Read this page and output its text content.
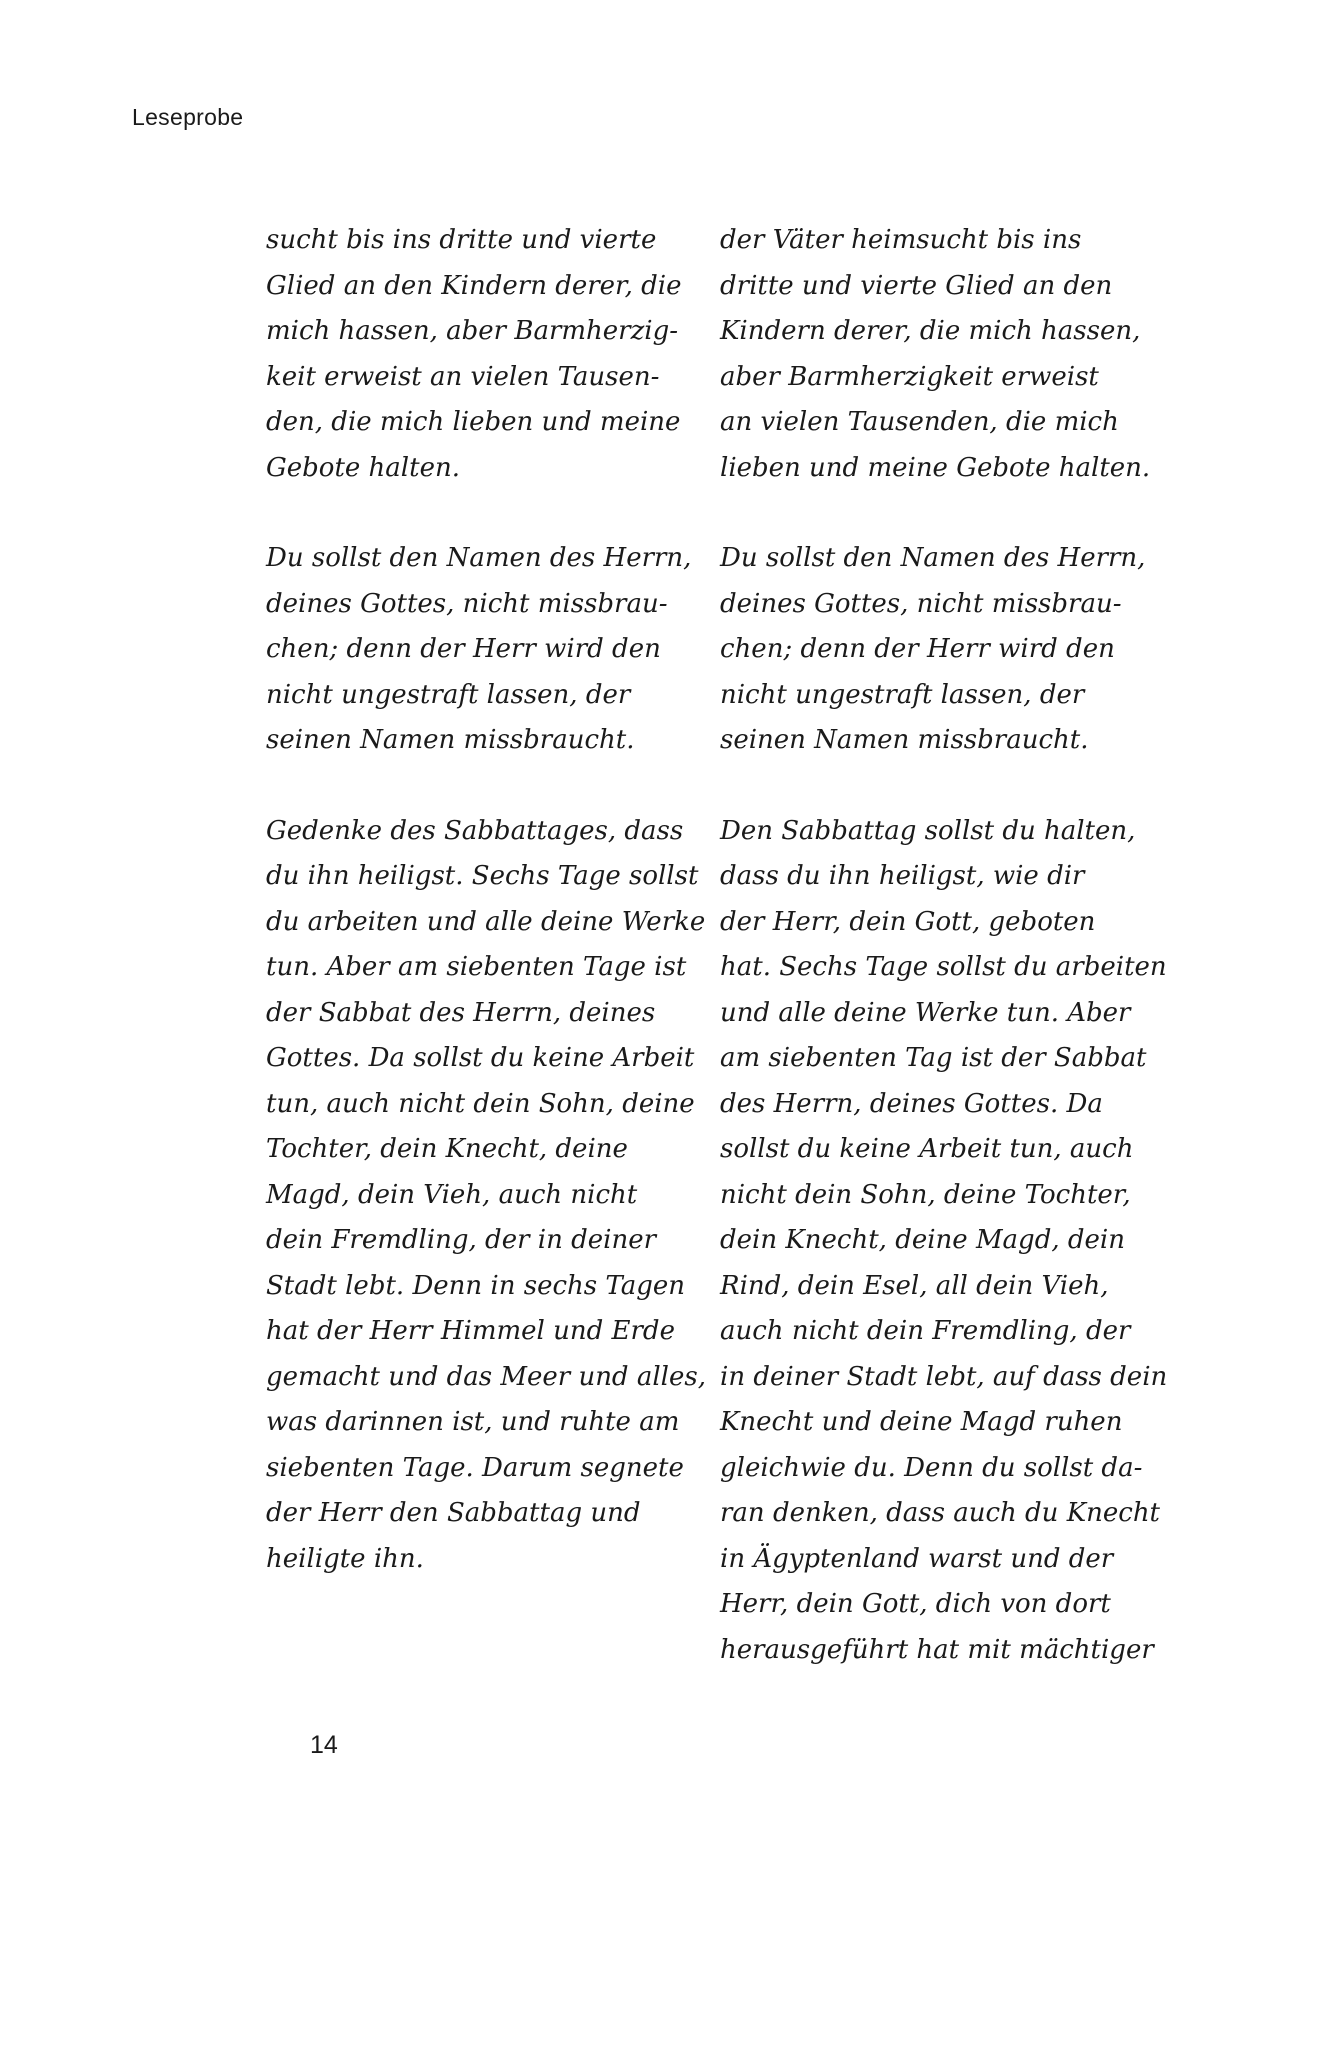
Leseprobe
sucht bis ins dritte und vierte
Glied an den Kindern derer, die
mich hassen, aber Barmherzig-
keit erweist an vielen Tausen-
den, die mich lieben und meine
Gebote halten.
Du sollst den Namen des Herrn,
deines Gottes, nicht missbrau-
chen; denn der Herr wird den
nicht ungestraft lassen, der
seinen Namen missbraucht.
Gedenke des Sabbattages, dass
du ihn heiligst. Sechs Tage sollst
du arbeiten und alle deine Werke
tun. Aber am siebenten Tage ist
der Sabbat des Herrn, deines
Gottes. Da sollst du keine Arbeit
tun, auch nicht dein Sohn, deine
Tochter, dein Knecht, deine
Magd, dein Vieh, auch nicht
dein Fremdling, der in deiner
Stadt lebt. Denn in sechs Tagen
hat der Herr Himmel und Erde
gemacht und das Meer und alles,
was darinnen ist, und ruhte am
siebenten Tage. Darum segnete
der Herr den Sabbattag und
heiligte ihn.
der Väter heimsucht bis ins
dritte und vierte Glied an den
Kindern derer, die mich hassen,
aber Barmherzigkeit erweist
an vielen Tausenden, die mich
lieben und meine Gebote halten.
Du sollst den Namen des Herrn,
deines Gottes, nicht missbrau-
chen; denn der Herr wird den
nicht ungestraft lassen, der
seinen Namen missbraucht.
Den Sabbattag sollst du halten,
dass du ihn heiligst, wie dir
der Herr, dein Gott, geboten
hat. Sechs Tage sollst du arbeiten
und alle deine Werke tun. Aber
am siebenten Tag ist der Sabbat
des Herrn, deines Gottes. Da
sollst du keine Arbeit tun, auch
nicht dein Sohn, deine Tochter,
dein Knecht, deine Magd, dein
Rind, dein Esel, all dein Vieh,
auch nicht dein Fremdling, der
in deiner Stadt lebt, auf dass dein
Knecht und deine Magd ruhen
gleichwie du. Denn du sollst da-
ran denken, dass auch du Knecht
in Ägyptenland warst und der
Herr, dein Gott, dich von dort
herausgeführt hat mit mächtiger
14
